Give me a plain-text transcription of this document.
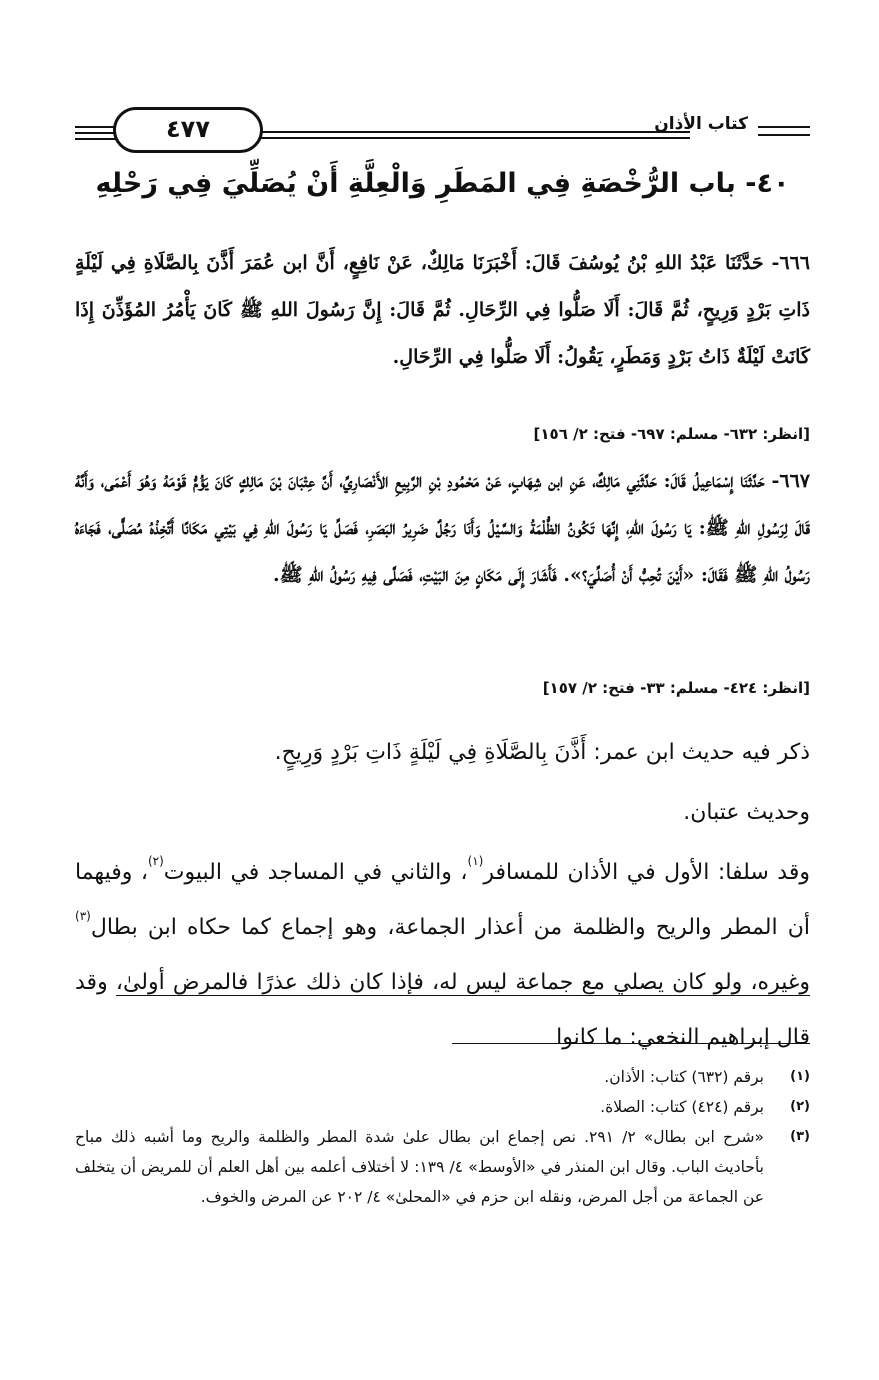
٤٧٧	كتاب الأذان
٤٠- باب الرُّخْصَةِ فِي المَطَرِ وَالْعِلَّةِ أَنْ يُصَلِّيَ فِي رَحْلِهِ
٦٦٦- حَدَّثَنَا عَبْدُ اللهِ بْنُ يُوسُفَ قَالَ: أَخْبَرَنَا مَالِكٌ، عَنْ نَافِعٍ، أَنَّ ابن عُمَرَ أَذَّنَ بِالصَّلَاةِ فِي لَيْلَةٍ ذَاتِ بَرْدٍ وَرِيحٍ، ثُمَّ قَالَ: أَلَا صَلُّوا فِي الرِّحَالِ. ثُمَّ قَالَ: إِنَّ رَسُولَ اللهِ ﷺ كَانَ يَأْمُرُ المُؤَذِّنَ إِذَا كَانَتْ لَيْلَةٌ ذَاتُ بَرْدٍ وَمَطَرٍ، يَقُولُ: أَلَا صَلُّوا فِي الرِّحَالِ.
[انظر: ٦٣٢- مسلم: ٦٩٧- فتح: ٢/ ١٥٦]
٦٦٧- حَدَّثَنَا إِسْمَاعِيلُ قَالَ: حَدَّثَنِي مَالِكٌ، عَنِ ابن شِهَابٍ، عَنْ مَحْمُودِ بْنِ الرَّبِيعِ الأَنْصَارِيِّ، أَنَّ عِتْبَانَ بْنَ مَالِكٍ كَانَ يَؤُمُّ قَوْمَهُ وَهُوَ أَعْمَى، وَأَنَّهُ قَالَ لِرَسُولِ اللهِ ﷺ: يَا رَسُولَ اللهِ، إِنَّهَا تَكُونُ الظُّلْمَةُ وَالسَّيْلُ وَأَنَا رَجُلٌ ضَرِيرُ البَصَرِ، فَصَلِّ يَا رَسُولَ اللهِ فِي بَيْتِي مَكَانًا أَتَّخِذْهُ مُصَلًّى، فَجَاءَهُ رَسُولُ اللهِ ﷺ فَقَالَ: «أَيْنَ تُحِبُّ أَنْ أُصَلِّيَ؟». فَأَشَارَ إِلَى مَكَانٍ مِنَ البَيْتِ، فَصَلَّى فِيهِ رَسُولُ اللهِ ﷺ.
[انظر: ٤٢٤- مسلم: ٣٣- فتح: ٢/ ١٥٧]
ذكر فيه حديث ابن عمر: أَذَّنَ بِالصَّلَاةِ فِي لَيْلَةٍ ذَاتِ بَرْدٍ وَرِيحٍ.
وحديث عتبان.
وقد سلفا: الأول في الأذان للمسافر$^{(١)}$، والثاني في المساجد في البيوت$^{(٢)}$، وفيهما أن المطر والريح والظلمة من أعذار الجماعة، وهو إجماع كما حكاه ابن بطال$^{(٣)}$ وغيره، ولو كان يصلي مع جماعة ليس له، فإذا كان ذلك عذرًا فالمرض أولىٰ، وقد قال إبراهيم النخعي: ما كانوا
(١)
برقم (٦٣٢) كتاب: الأذان.
(٢)
برقم (٤٢٤) كتاب: الصلاة.
(٣)
«شرح ابن بطال» ٢/ ٢٩١. نص إجماع ابن بطال علىٰ شدة المطر والظلمة والريح وما أشبه ذلك مباح بأحاديث الباب. وقال ابن المنذر في «الأوسط» ٤/ ١٣٩: لا أختلاف أعلمه بين أهل العلم أن للمريض أن يتخلف عن الجماعة من أجل المرض، ونقله ابن حزم في «المحلىٰ» ٤/ ٢٠٢ عن المرض والخوف.
